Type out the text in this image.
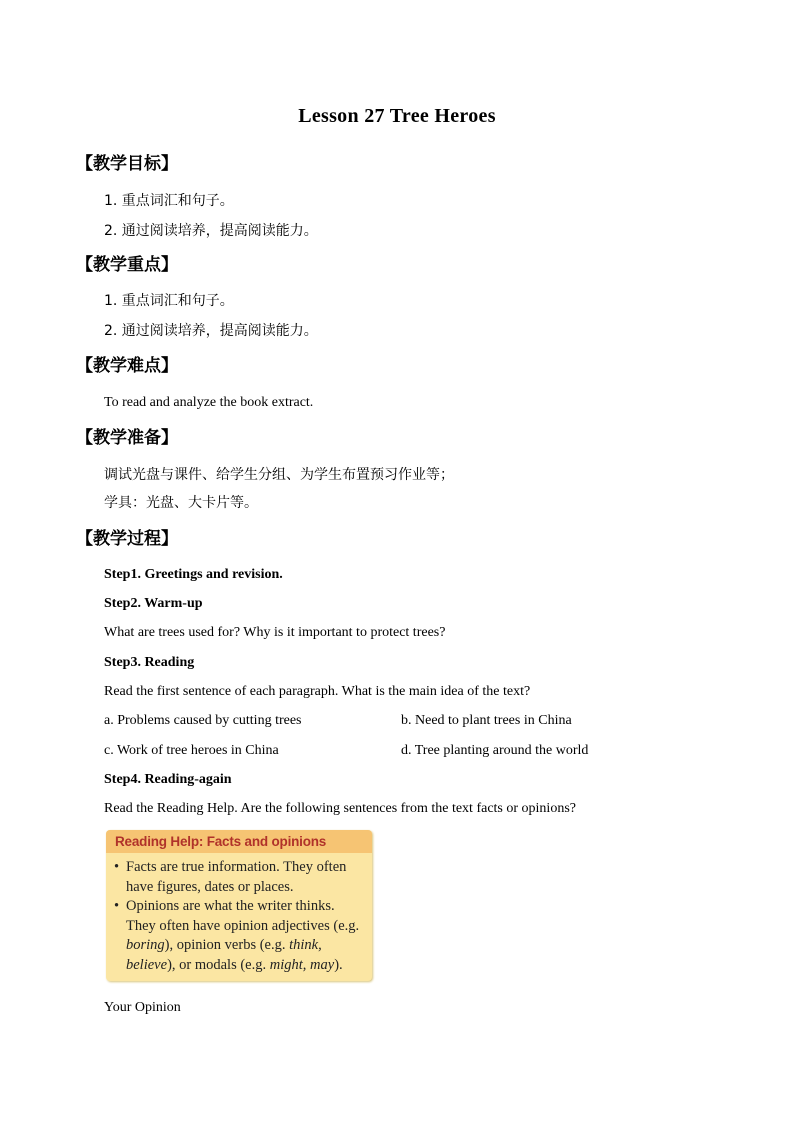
Lesson 27 Tree Heroes
【教学目标】
1. 重点词汇和句子。
2. 通过阅读培养，提高阅读能力。
【教学重点】
1. 重点词汇和句子。
2. 通过阅读培养，提高阅读能力。
【教学难点】
To read and analyze the book extract.
【教学准备】
调试光盘与课件、给学生分组、为学生布置预习作业等；
学具：光盘、大卡片等。
【教学过程】
Step1. Greetings and revision.
Step2. Warm-up
What are trees used for? Why is it important to protect trees?
Step3. Reading
Read the first sentence of each paragraph. What is the main idea of the text?
a. Problems caused by cutting trees	b. Need to plant trees in China
c. Work of tree heroes in China	d. Tree planting around the world
Step4. Reading-again
Read the Reading Help. Are the following sentences from the text facts or opinions?
Reading Help: Facts and opinions
• Facts are true information. They often have figures, dates or places.
• Opinions are what the writer thinks. They often have opinion adjectives (e.g. boring), opinion verbs (e.g. think, believe), or modals (e.g. might, may).
Your Opinion
